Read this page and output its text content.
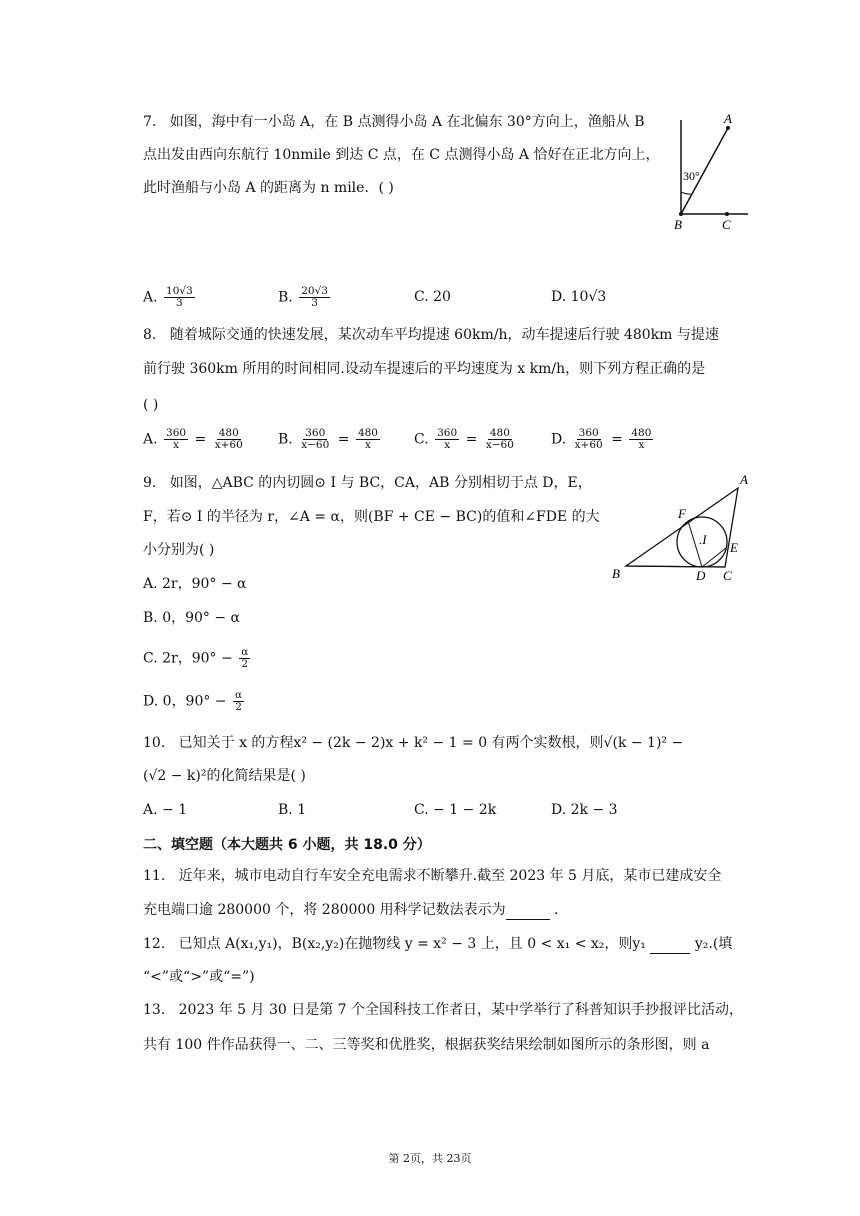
7. 如图，海中有一小岛 A，在 B 点测得小岛 A 在北偏东 30°方向上，渔船从 B
点出发由西向东航行 10nmile 到达 C 点，在 C 点测得小岛 A 恰好在正北方向上，
此时渔船与小岛 A 的距离为 n mile．( )
A
30°
B	C
A. $\frac{10√3}{3}$	B. $\frac{20√3}{3}$	C. 20	D. 10√3
8. 随着城际交通的快速发展，某次动车平均提速 60km/h，动车提速后行驶 480km 与提速
前行驶 360km 所用的时间相同.设动车提速后的平均速度为 x km/h，则下列方程正确的是
( )
A. $\frac{360}{x} = \frac{480}{x+60} B$. $\frac{360}{x-60} = \frac{480}{x} C$. $\frac{360}{x} = \frac{480}{x-60}$	D. $\frac{360}{x+60} = \frac{480}{x}$
9. 如图，△ABC 的内切圆⊙ I 与 BC，CA，AB 分别相切于点 D，E，
F，若⊙ I 的半径为 r，∠A = α，则(BF + CE − BC)的值和∠FDE 的大
小分别为( )
A
B	C
D
E
F
.I
A. 2r，90° − α
B. 0，90° − α
C. 2r，$90^\circ - \frac{\alpha}{2}$
D. 0，$90^\circ - \frac{\alpha}{2}$
10. 已知关于 x 的方程x² − (2k − 2)x + k² − 1 = 0 有两个实数根，则√(k − 1)² −
(√2 − k)²的化简结果是( )
A. − 1	B. 1	C. − 1 − 2k	D. 2k − 3
二、填空题（本大题共 6 小题，共 18.0 分）
11. 近年来，城市电动自行车安全充电需求不断攀升.截至 2023 年 5 月底，某市已建成安全
充电端口逾 280000 个，将 280000 用科学记数法表示为	．
12. 已知点 A(x₁,y₁)，B(x₂,y₂)在抛物线 y = x² − 3 上，且 0 < x₁ < x₂，则y₁	y₂.(填
“<”或“>”或“=”)
13. 2023 年 5 月 30 日是第 7 个全国科技工作者日，某中学举行了科普知识手抄报评比活动，
共有 100 件作品获得一、二、三等奖和优胜奖，根据获奖结果绘制如图所示的条形图，则 a
第 2页，共 23页
